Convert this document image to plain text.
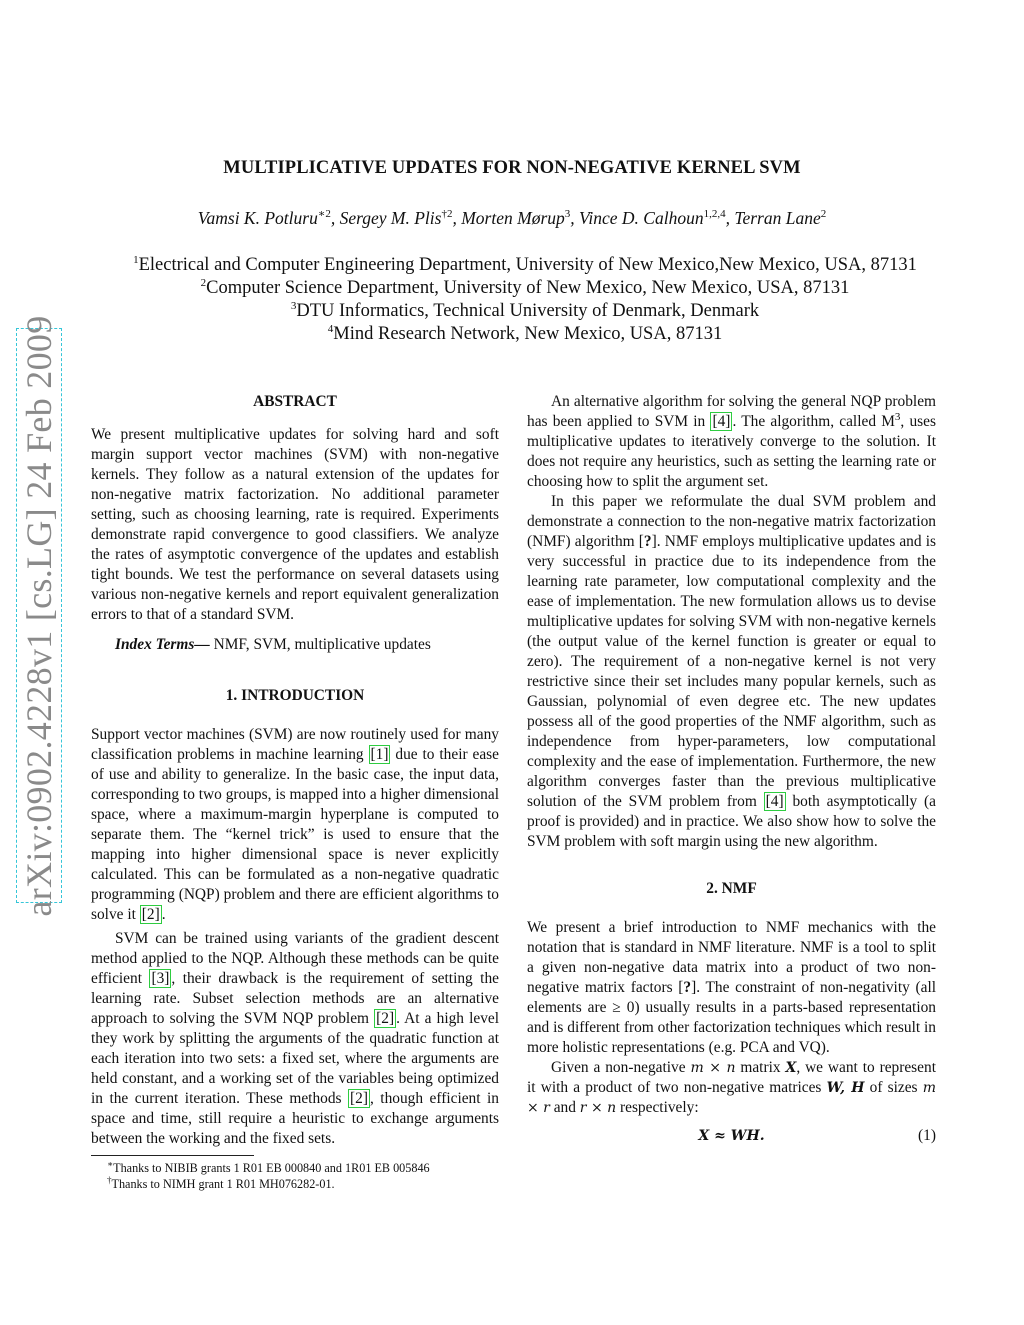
MULTIPLICATIVE UPDATES FOR NON-NEGATIVE KERNEL SVM
Vamsi K. Potluru$^{∗2}$, Sergey M. Plis$^{\dagger 2}$, Morten Mørup$^3$, Vince D. Calhoun$^{1,2,4}$, Terran Lane$^2$
$^1$Electrical and Computer Engineering Department, University of New Mexico,New Mexico, USA, 87131
$^2$Computer Science Department, University of New Mexico, New Mexico, USA, 87131
$^3$DTU Informatics, Technical University of Denmark, Denmark
$^4$Mind Research Network, New Mexico, USA, 87131
arXiv:0902.4228v1 [cs.LG] 24 Feb 2009	ABSTRACT

We present multiplicative updates for solving hard and soft margin support vector machines (SVM) with non-negative kernels. They follow as a natural extension of the updates for non-negative matrix factorization. No additional parameter setting, such as choosing learning, rate is required. Experiments demonstrate rapid convergence to good classifiers. We analyze the rates of asymptotic convergence of the updates and establish tight bounds. We test the performance on several datasets using various non-negative kernels and report equivalent generalization errors to that of a standard SVM.

Index Terms— NMF, SVM, multiplicative updates

1. INTRODUCTION

Support vector machines (SVM) are now routinely used for many classification problems in machine learning [1] due to their ease of use and ability to generalize. In the basic case, the input data, corresponding to two groups, is mapped into a higher dimensional space, where a maximum-margin hyperplane is computed to separate them. The “kernel trick” is used to ensure that the mapping into higher dimensional space is never explicitly calculated. This can be formulated as a non-negative quadratic programming (NQP) problem and there are efficient algorithms to solve it [2] .

SVM can be trained using variants of the gradient descent method applied to the NQP. Although these methods can be quite efficient [3] , their drawback is the requirement of setting the learning rate. Subset selection methods are an alternative approach to solving the SVM NQP problem [2] . At a high level they work by splitting the arguments of the quadratic function at each iteration into two sets: a fixed set, where the arguments are held constant, and a working set of the variables being optimized in the current iteration. These methods [2] , though efficient in space and time, still require a heuristic to exchange arguments between the working and the fixed sets.

∗Thanks to NIBIB grants 1 R01 EB 000840 and 1R01 EB 005846
†Thanks to NIMH grant 1 R01 MH076282-01.

An alternative algorithm for solving the general NQP problem has been applied to SVM in [4] . The algorithm, called $M^3$, uses multiplicative updates to iteratively converge to the solution. It does not require any heuristics, such as setting the learning rate or choosing how to split the argument set.

In this paper we reformulate the dual SVM problem and demonstrate a connection to the non-negative matrix factorization (NMF) algorithm [?]. NMF employs multiplicative updates and is very successful in practice due to its independence from the learning rate parameter, low computational complexity and the ease of implementation. The new formulation allows us to devise multiplicative updates for solving SVM with non-negative kernels (the output value of the kernel function is greater or equal to zero). The requirement of a non-negative kernel is not very restrictive since their set includes many popular kernels, such as Gaussian, polynomial of even degree etc. The new updates possess all of the good properties of the NMF algorithm, such as independence from hyper-parameters, low computational complexity and the ease of implementation. Furthermore, the new algorithm converges faster than the previous multiplicative solution of the SVM problem from [4] both asymptotically (a proof is provided) and in practice. We also show how to solve the SVM problem with soft margin using the new algorithm.

2. NMF

We present a brief introduction to NMF mechanics with the notation that is standard in NMF literature. NMF is a tool to split a given non-negative data matrix into a product of two non-negative matrix factors [?]. The constraint of non-negativity (all elements are ≥ 0) usually results in a parts-based representation and is different from other factorization techniques which result in more holistic representations (e.g. PCA and VQ).

Given a non-negative m × n matrix X, we want to represent it with a product of two non-negative matrices W, H of sizes m × r and r × n respectively:

X ≈ WH.	(1)
